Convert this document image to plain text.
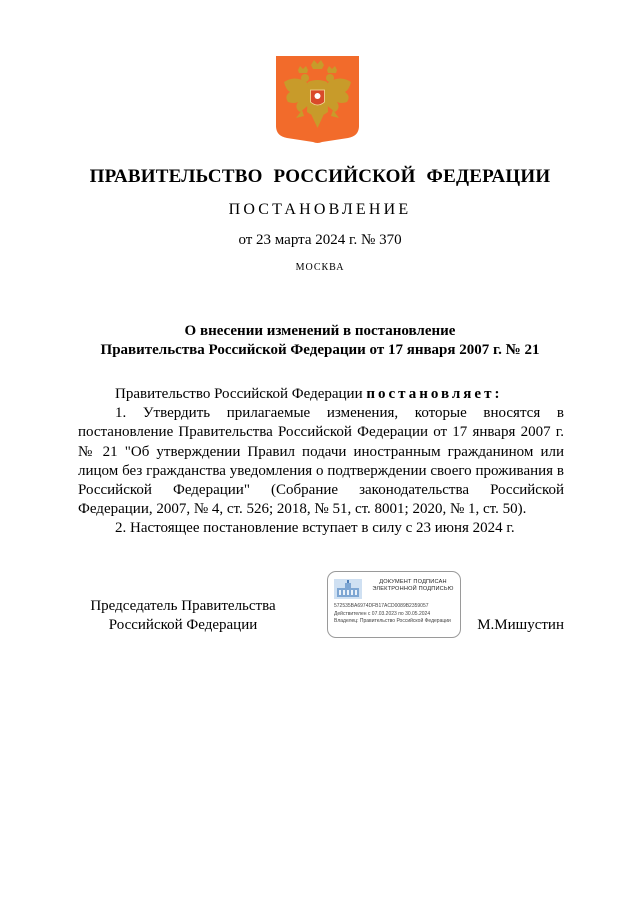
ПРАВИТЕЛЬСТВО РОССИЙСКОЙ ФЕДЕРАЦИИ
ПОСТАНОВЛЕНИЕ
от 23 марта 2024 г. № 370
МОСКВА
О внесении изменений в постановление
Правительства Российской Федерации от 17 января 2007 г. № 21

Правительство Российской Федерации постановляет:

1. Утвердить прилагаемые изменения, которые вносятся в постановление Правительства Российской Федерации от 17 января 2007 г. № 21 "Об утверждении Правил подачи иностранным гражданином или лицом без гражданства уведомления о подтверждении своего проживания в Российской Федерации" (Собрание законодательства Российской Федерации, 2007, № 4, ст. 526; 2018, № 51, ст. 8001; 2020, № 1, ст. 50).

2. Настоящее постановление вступает в силу с 23 июня 2024 г.

Председатель Правительства
Российской Федерации	М.Мишустин
ДОКУМЕНТ ПОДПИСАН
ЭЛЕКТРОННОЙ ПОДПИСЬЮ
572535BA6974DFB17ACD0089B2359057
Действителен с 07.03.2023 по 30.05.2024
Владелец: Правительство Российской Федерации
